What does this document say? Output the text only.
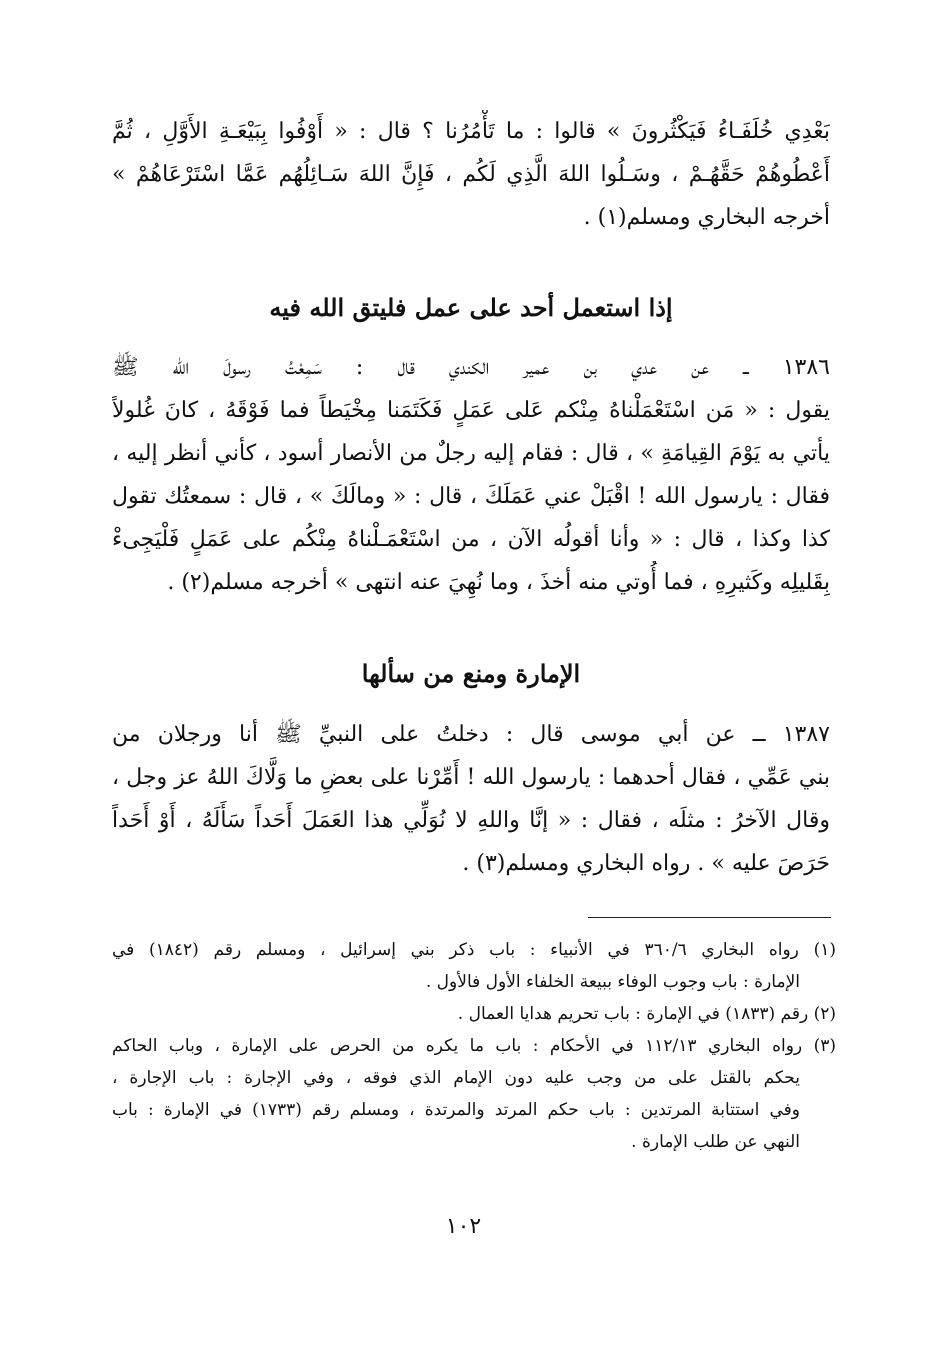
بَعْدِي خُلَفَـاءُ فَيَكْثُرونَ » قالوا : ما تَأْمُرُنا ؟ قال : « أَوْفُوا بِبَيْعَـةِ الأَوَّلِ ، ثُمَّ
أَعْطُوهُمْ حَقَّهُـمْ ، وسَـلُوا اللهَ الَّذِي لَكُم ، فَإِنَّ اللهَ سَـائِلُهُم عَمَّا اسْتَرْعَاهُمْ »
أخرجه البخاري ومسلم(١) .
إذا استعمل أحد على عمل فليتق الله فيه
١٣٨٦ ــ عن عدي بن عمير الكندي قال : سَمِعْتُ رسولَ الله ﷺ
يقول : « مَن اسْتَعْمَلْناهُ مِنْكم عَلى عَمَلٍ فَكَتَمَنا مِخْيَطاً فما فَوْقَهُ ، كانَ غُلولاً
يأتي به يَوْمَ القِيامَةِ » ، قال : فقام إليه رجلٌ من الأنصار أسود ، كأني أنظر إليه ،
فقال : يارسول الله ! اقْبَلْ عني عَمَلَكَ ، قال : « ومالَكَ » ، قال : سمعتُك تقول
كذا وكذا ، قال : « وأنا أقولُه الآن ، من اسْتَعْمَـلْناهُ مِنْكُم على عَمَلٍ فَلْيَجِىءْ
بِقَليلِه وكَثيرِهِ ، فما أُوتي منه أخذَ ، وما نُهِيَ عنه انتهى » أخرجه مسلم(٢) .
الإمارة ومنع من سألها
١٣٨٧ ــ عن أبي موسى قال : دخلتُ على النبيِّ ﷺ أنا ورجلان من
بني عَمِّي ، فقال أحدهما : يارسول الله ! أَمِّرْنا على بعضِ ما وَلَّاكَ اللهُ عز وجل ،
وقال الآخرُ : مثلَه ، فقال : « إنَّا واللهِ لا نُوَلِّي هذا العَمَلَ أَحَداً سَأَلَهُ ، أَوْ أَحَداً
حَرَصَ عليه » . رواه البخاري ومسلم(٣) .
(١) رواه البخاري ٣٦٠/٦ في الأنبياء : باب ذكر بني إسرائيل ، ومسلم رقم (١٨٤٢) في
الإمارة : باب وجوب الوفاء ببيعة الخلفاء الأول فالأول .
(٢) رقم (١٨٣٣) في الإمارة : باب تحريم هدايا العمال .
(٣) رواه البخاري ١١٢/١٣ في الأحكام : باب ما يكره من الحرص على الإمارة ، وباب الحاكم
يحكم بالقتل على من وجب عليه دون الإمام الذي فوقه ، وفي الإجارة : باب الإجارة ،
وفي استتابة المرتدين : باب حكم المرتد والمرتدة ، ومسلم رقم (١٧٣٣) في الإمارة : باب
النهي عن طلب الإمارة .
١٠٢
